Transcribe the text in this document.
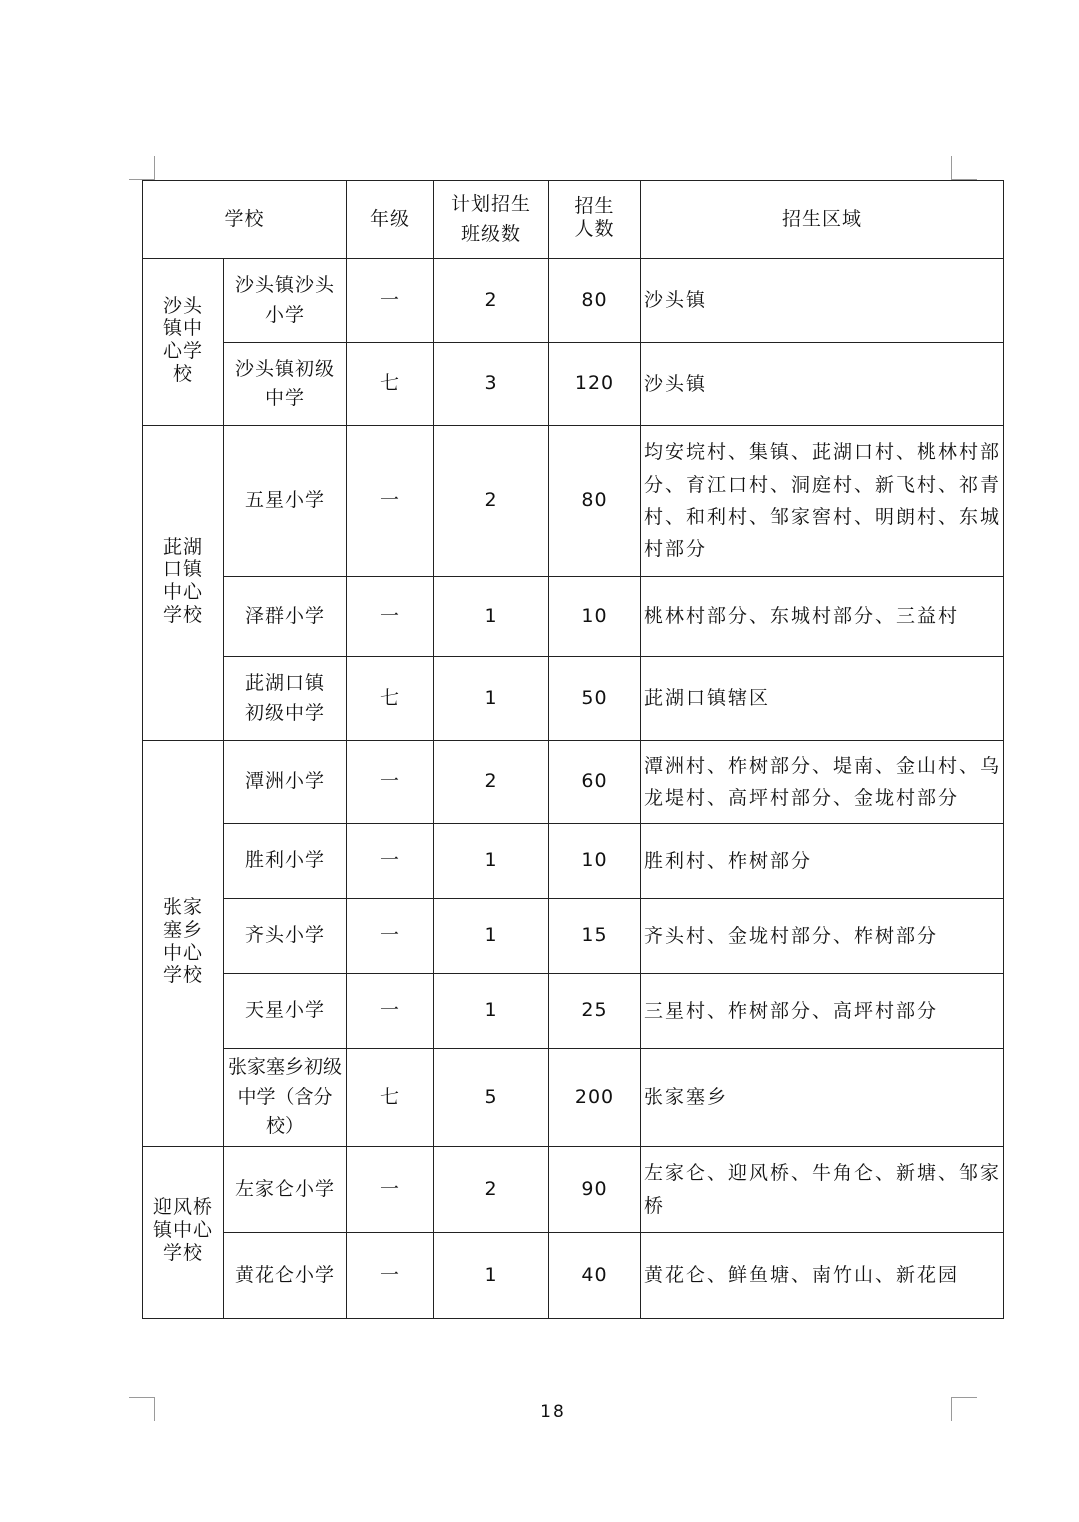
学校		年级	计划招生班级数	招生人数	招生区域
沙头镇中心学校	沙头镇沙头小学	一	2	80	沙头镇
	沙头镇初级中学	七	3	120	沙头镇
茈湖口镇中心学校	五星小学	一	2	80	均安垸村、集镇、茈湖口村、桃林村部分、育江口村、洞庭村、新飞村、祁青村、和利村、邹家窖村、明朗村、东城村部分
	泽群小学	一	1	10	桃林村部分、东城村部分、三益村
	茈湖口镇初级中学	七	1	50	茈湖口镇辖区
张家塞乡中心学校	潭洲小学	一	2	60	潭洲村、柞树部分、堤南、金山村、乌龙堤村、高坪村部分、金垅村部分
	胜利小学	一	1	10	胜利村、柞树部分
	齐头小学	一	1	15	齐头村、金垅村部分、柞树部分
	天星小学	一	1	25	三星村、柞树部分、高坪村部分
	张家塞乡初级中学（含分校）	七	5	200	张家塞乡
迎风桥镇中心学校	左家仑小学	一	2	90	左家仑、迎风桥、牛角仑、新塘、邹家桥
	黄花仑小学	一	1	40	黄花仑、鲜鱼塘、南竹山、新花园
18
